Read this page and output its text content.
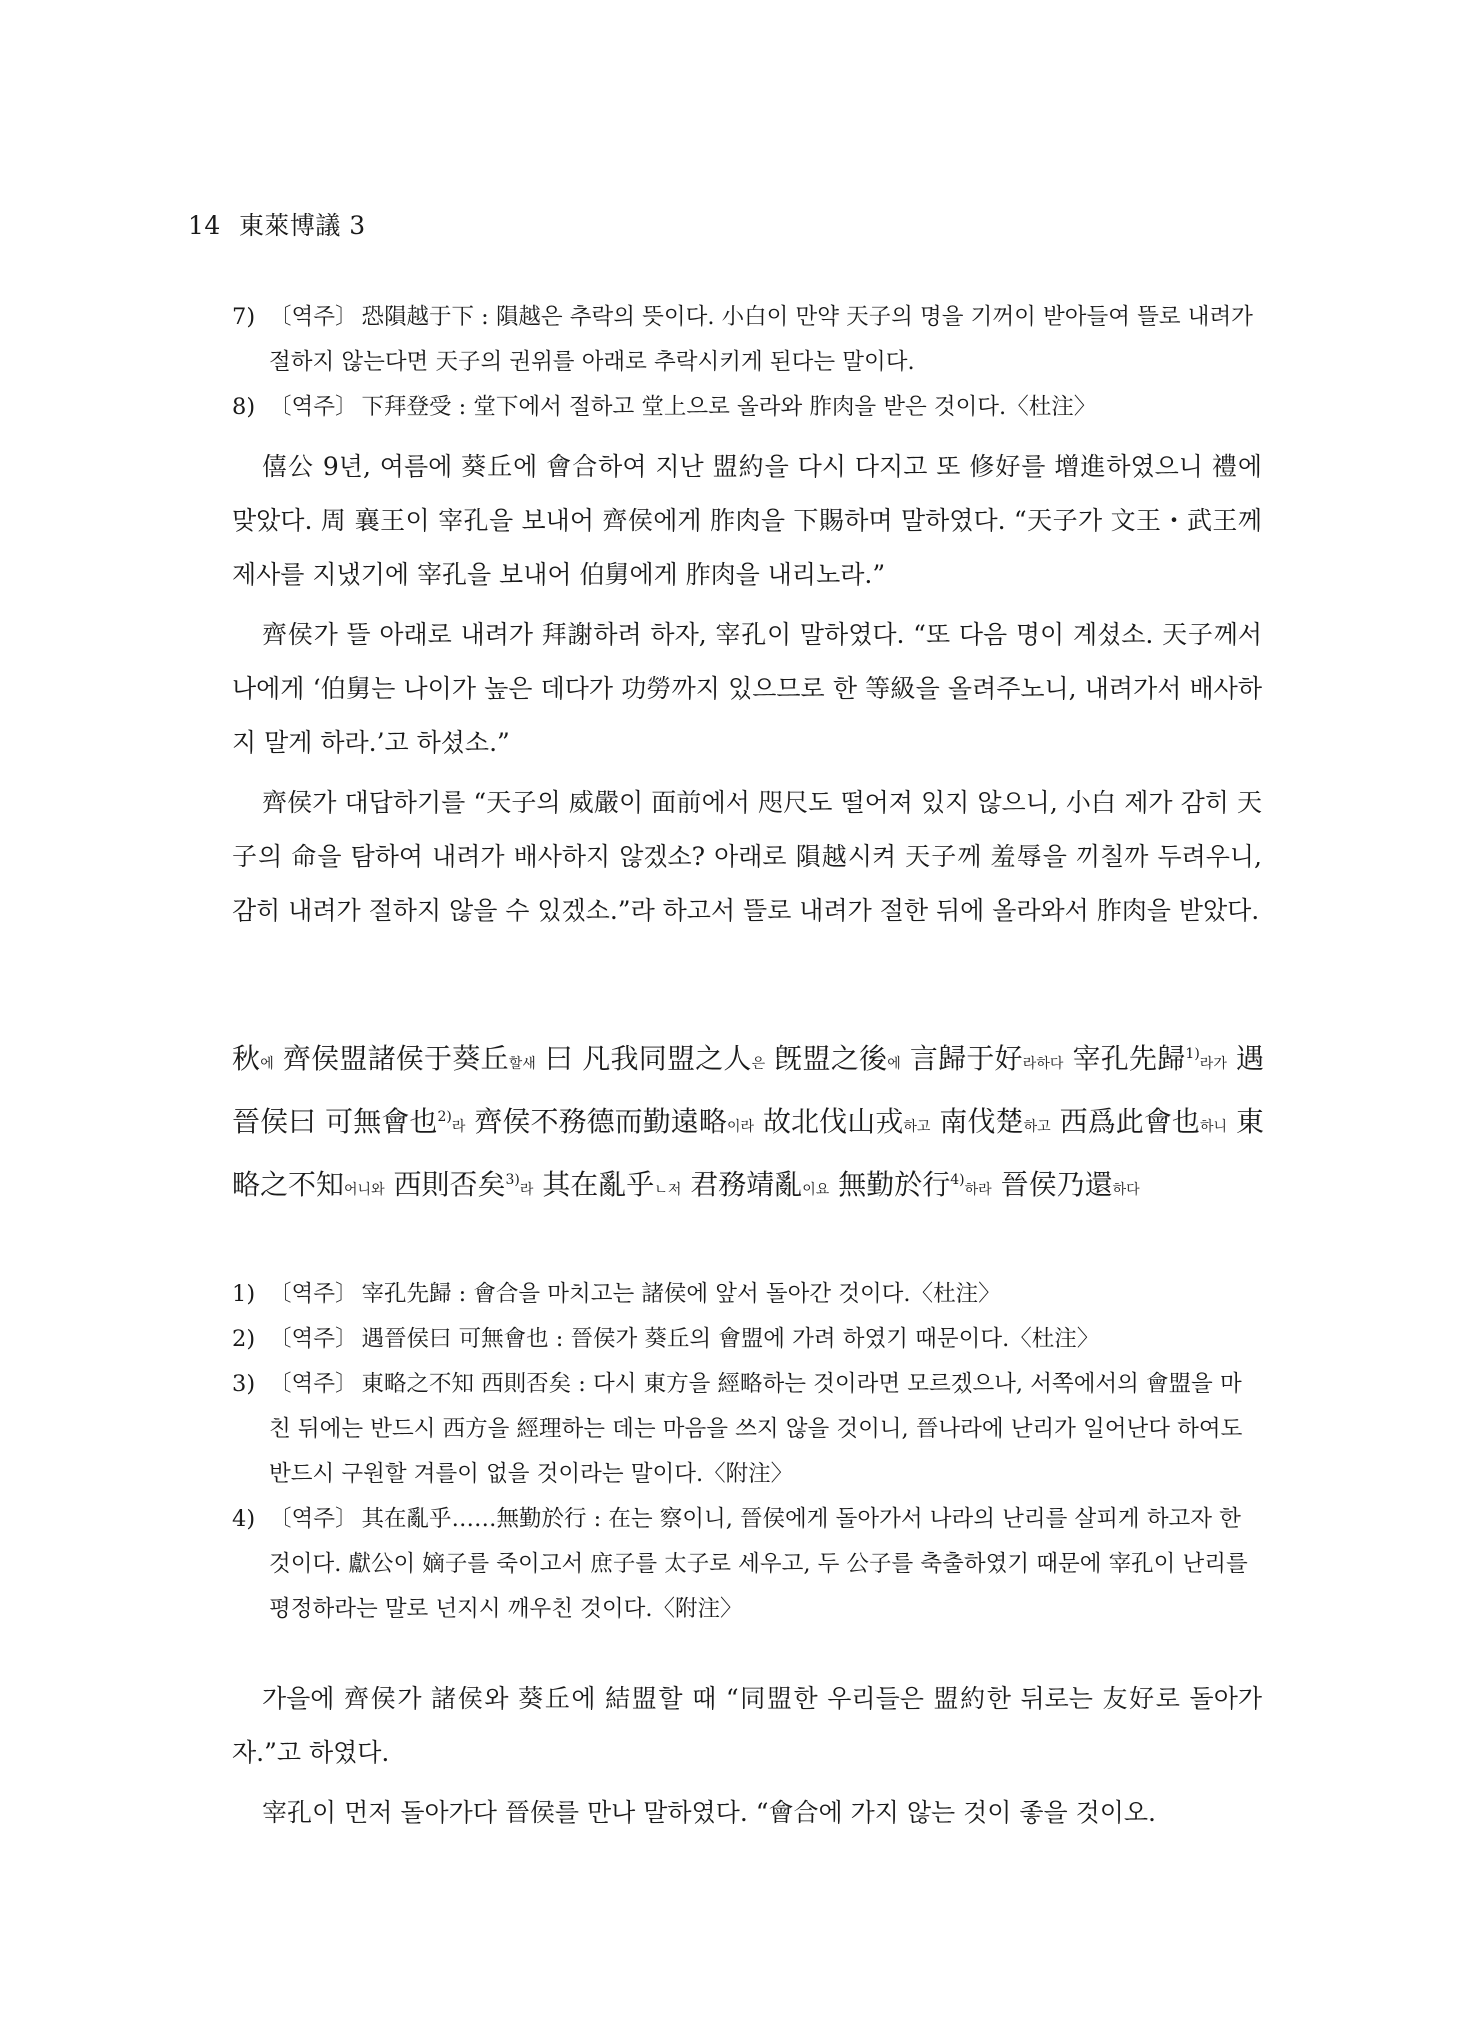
14 東萊博議 3
7) 〔역주〕 恐隕越于下 : 隕越은 추락의 뜻이다. 小白이 만약 天子의 명을 기꺼이 받아들여 뜰로 내려가 절하지 않는다면 天子의 권위를 아래로 추락시키게 된다는 말이다.
8) 〔역주〕 下拜登受 : 堂下에서 절하고 堂上으로 올라와 胙肉을 받은 것이다.〈杜注〉

僖公 9년, 여름에 葵丘에 會合하여 지난 盟約을 다시 다지고 또 修好를 增進하였으니 禮에 맞았다. 周 襄王이 宰孔을 보내어 齊侯에게 胙肉을 下賜하며 말하였다. “天子가 文王・武王께 제사를 지냈기에 宰孔을 보내어 伯舅에게 胙肉을 내리노라.”

齊侯가 뜰 아래로 내려가 拜謝하려 하자, 宰孔이 말하였다. “또 다음 명이 계셨소. 天子께서 나에게 ‘伯舅는 나이가 높은 데다가 功勞까지 있으므로 한 等級을 올려주노니, 내려가서 배사하지 말게 하라.’고 하셨소.”

齊侯가 대답하기를 “天子의 威嚴이 面前에서 咫尺도 떨어져 있지 않으니, 小白 제가 감히 天子의 命을 탐하여 내려가 배사하지 않겠소? 아래로 隕越시켜 天子께 羞辱을 끼칠까 두려우니, 감히 내려가 절하지 않을 수 있겠소.”라 하고서 뜰로 내려가 절한 뒤에 올라와서 胙肉을 받았다.

秋에 齊侯盟諸侯于葵丘할새 曰 凡我同盟之人은 旣盟之後에 言歸于好라하다 宰孔先歸$^{1)}$라가 遇晉侯曰 可無會也$^{2)}$라 齊侯不務德而勤遠略이라 故北伐山戎하고 南伐楚하고 西爲此會也하니 東略之不知어니와 西則否矣$^{3)}$라 其在亂乎ㄴ저 君務靖亂이요 無勤於行$^{4)}$하라 晉侯乃還하다
1) 〔역주〕 宰孔先歸 : 會合을 마치고는 諸侯에 앞서 돌아간 것이다.〈杜注〉
2) 〔역주〕 遇晉侯曰 可無會也 : 晉侯가 葵丘의 會盟에 가려 하였기 때문이다.〈杜注〉
3) 〔역주〕 東略之不知 西則否矣 : 다시 東方을 經略하는 것이라면 모르겠으나, 서쪽에서의 會盟을 마친 뒤에는 반드시 西方을 經理하는 데는 마음을 쓰지 않을 것이니, 晉나라에 난리가 일어난다 하여도 반드시 구원할 겨를이 없을 것이라는 말이다.〈附注〉
4) 〔역주〕 其在亂乎……無勤於行 : 在는 察이니, 晉侯에게 돌아가서 나라의 난리를 살피게 하고자 한 것이다. 獻公이 嫡子를 죽이고서 庶子를 太子로 세우고, 두 公子를 축출하였기 때문에 宰孔이 난리를 평정하라는 말로 넌지시 깨우친 것이다.〈附注〉

가을에 齊侯가 諸侯와 葵丘에 結盟할 때 “同盟한 우리들은 盟約한 뒤로는 友好로 돌아가자.”고 하였다.

宰孔이 먼저 돌아가다 晉侯를 만나 말하였다. “會合에 가지 않는 것이 좋을 것이오.
